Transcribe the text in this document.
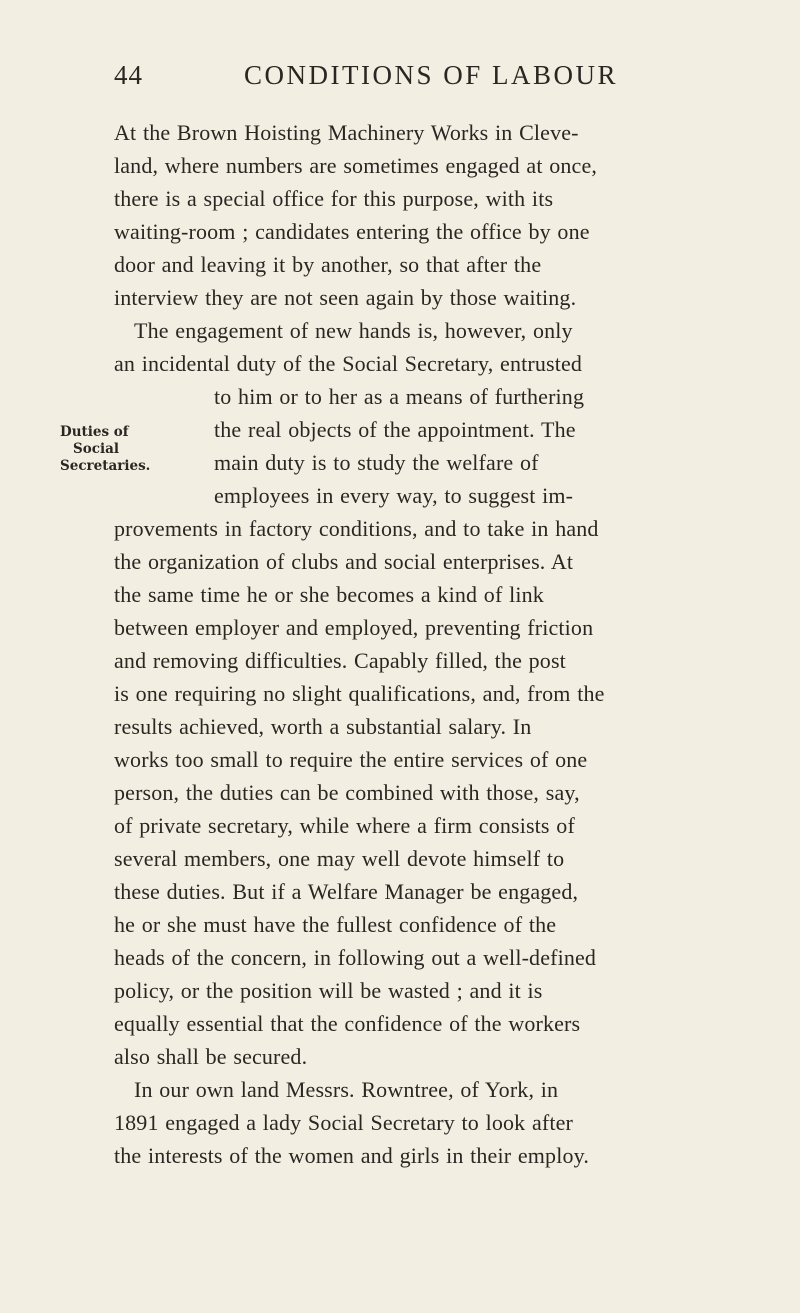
44	CONDITIONS OF LABOUR
Duties of
Social
Secretaries.
At the Brown Hoisting Machinery Works in Cleve-
land, where numbers are sometimes engaged at once,
there is a special office for this purpose, with its
waiting-room ; candidates entering the office by one
door and leaving it by another, so that after the
interview they are not seen again by those waiting.
The engagement of new hands is, however, only
an incidental duty of the Social Secretary, entrusted
to him or to her as a means of furthering
the real objects of the appointment. The
main duty is to study the welfare of
employees in every way, to suggest im-
provements in factory conditions, and to take in hand
the organization of clubs and social enterprises. At
the same time he or she becomes a kind of link
between employer and employed, preventing friction
and removing difficulties. Capably filled, the post
is one requiring no slight qualifications, and, from the
results achieved, worth a substantial salary. In
works too small to require the entire services of one
person, the duties can be combined with those, say,
of private secretary, while where a firm consists of
several members, one may well devote himself to
these duties. But if a Welfare Manager be engaged,
he or she must have the fullest confidence of the
heads of the concern, in following out a well-defined
policy, or the position will be wasted ; and it is
equally essential that the confidence of the workers
also shall be secured.
In our own land Messrs. Rowntree, of York, in
1891 engaged a lady Social Secretary to look after
the interests of the women and girls in their employ.
